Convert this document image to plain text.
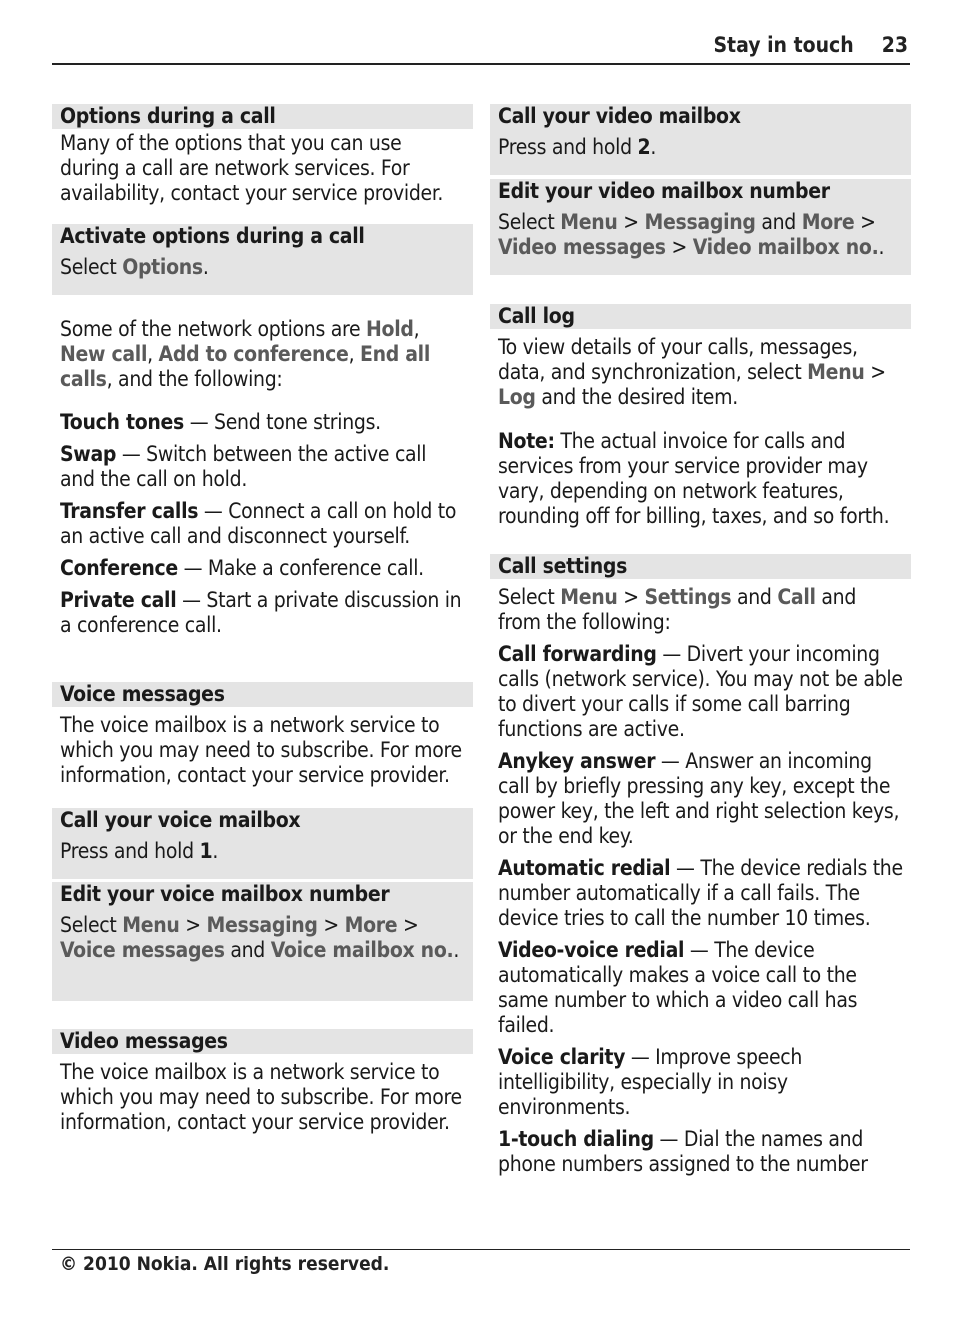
Stay in touch 23
Options during a call

Many of the options that you can use during a call are network services. For availability, contact your service provider.

Activate options during a call
Select Options.

Some of the network options are Hold, New call, Add to conference, End all calls, and the following:

Touch tones — Send tone strings.
Swap — Switch between the active call and the call on hold.
Transfer calls — Connect a call on hold to an active call and disconnect yourself.
Conference — Make a conference call.
Private call — Start a private discussion in a conference call.
Voice messages

The voice mailbox is a network service to which you may need to subscribe. For more information, contact your service provider.

Call your voice mailbox
Press and hold 1.
Edit your voice mailbox number
Select Menu > Messaging > More > Voice messages and Voice mailbox no..
Video messages

The voice mailbox is a network service to which you may need to subscribe. For more information, contact your service provider.

Call your video mailbox
Press and hold 2.
Edit your video mailbox number
Select Menu > Messaging and More > Video messages > Video mailbox no..
Call log

To view details of your calls, messages, data, and synchronization, select Menu > Log and the desired item.

Note: The actual invoice for calls and services from your service provider may vary, depending on network features, rounding off for billing, taxes, and so forth.

Call settings

Select Menu > Settings and Call and from the following:

Call forwarding — Divert your incoming calls (network service). You may not be able to divert your calls if some call barring functions are active.
Anykey answer — Answer an incoming call by briefly pressing any key, except the power key, the left and right selection keys, or the end key.
Automatic redial — The device redials the number automatically if a call fails. The device tries to call the number 10 times.
Video-voice redial — The device automatically makes a voice call to the same number to which a video call has failed.
Voice clarity — Improve speech intelligibility, especially in noisy environments.
1-touch dialing — Dial the names and phone numbers assigned to the number
© 2010 Nokia. All rights reserved.
